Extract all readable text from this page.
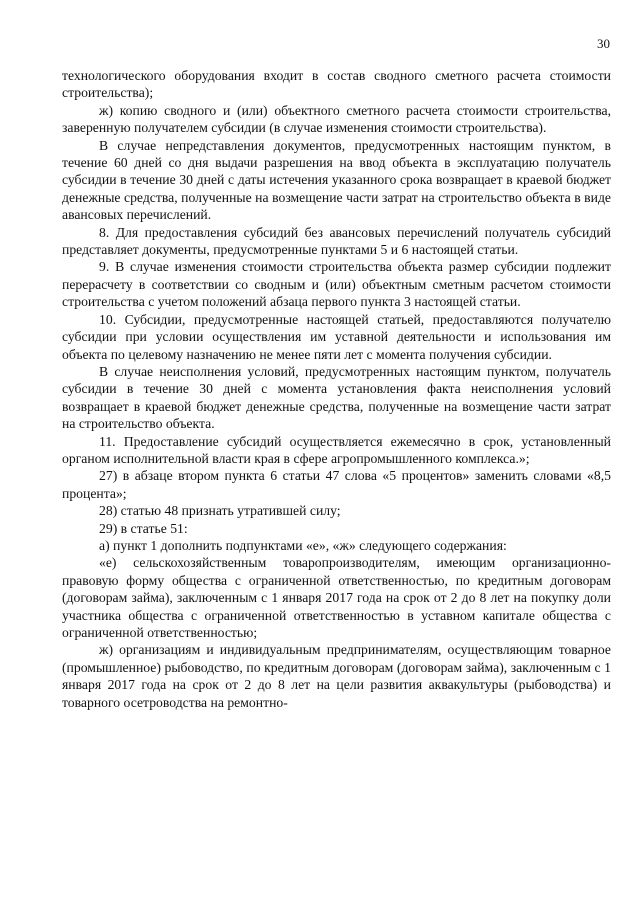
30

технологического оборудования входит в состав сводного сметного расчета стоимости строительства);

ж) копию сводного и (или) объектного сметного расчета стоимости строительства, заверенную получателем субсидии (в случае изменения стоимости строительства).

В случае непредставления документов, предусмотренных настоящим пунктом, в течение 60 дней со дня выдачи разрешения на ввод объекта в эксплуатацию получатель субсидии в течение 30 дней с даты истечения указанного срока возвращает в краевой бюджет денежные средства, полученные на возмещение части затрат на строительство объекта в виде авансовых перечислений.

8. Для предоставления субсидий без авансовых перечислений получатель субсидий представляет документы, предусмотренные пунктами 5 и 6 настоящей статьи.

9. В случае изменения стоимости строительства объекта размер субсидии подлежит перерасчету в соответствии со сводным и (или) объектным сметным расчетом стоимости строительства с учетом положений абзаца первого пункта 3 настоящей статьи.

10. Субсидии, предусмотренные настоящей статьей, предоставляются получателю субсидии при условии осуществления им уставной деятельности и использования им объекта по целевому назначению не менее пяти лет с момента получения субсидии.

В случае неисполнения условий, предусмотренных настоящим пунктом, получатель субсидии в течение 30 дней с момента установления факта неисполнения условий возвращает в краевой бюджет денежные средства, полученные на возмещение части затрат на строительство объекта.

11. Предоставление субсидий осуществляется ежемесячно в срок, установленный органом исполнительной власти края в сфере агропромышленного комплекса.»;

27) в абзаце втором пункта 6 статьи 47 слова «5 процентов» заменить словами «8,5 процента»;

28) статью 48 признать утратившей силу;

29) в статье 51:

а) пункт 1 дополнить подпунктами «е», «ж» следующего содержания:

«е) сельскохозяйственным товаропроизводителям, имеющим организационно-правовую форму общества с ограниченной ответственностью, по кредитным договорам (договорам займа), заключенным с 1 января 2017 года на срок от 2 до 8 лет на покупку доли участника общества с ограниченной ответственностью в уставном капитале общества с ограниченной ответственностью;

ж) организациям и индивидуальным предпринимателям, осуществляющим товарное (промышленное) рыбоводство, по кредитным договорам (договорам займа), заключенным с 1 января 2017 года на срок от 2 до 8 лет на цели развития аквакультуры (рыбоводства) и товарного осетроводства на ремонтно-
